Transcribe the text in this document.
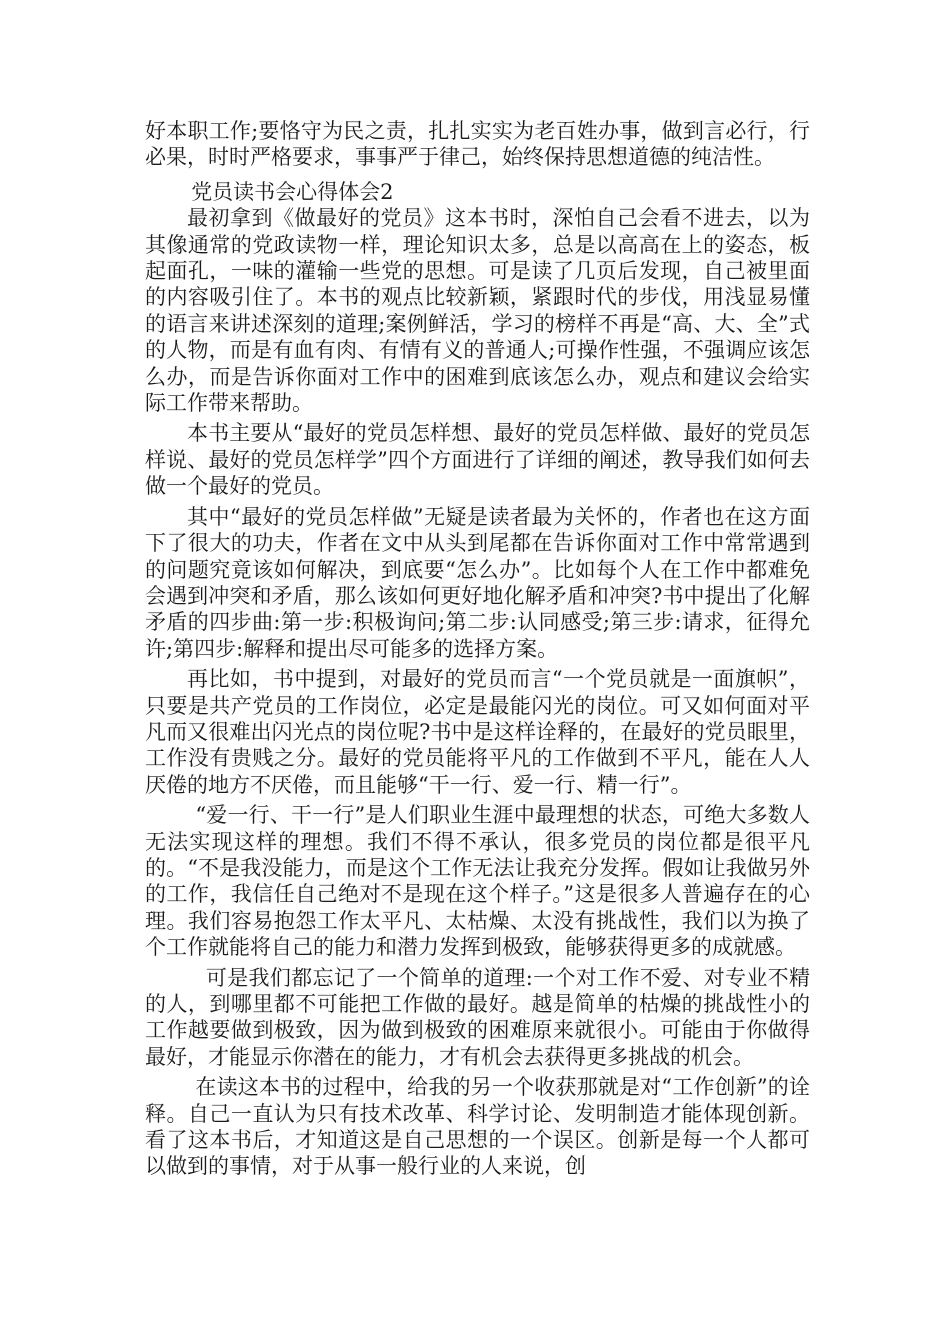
好本职工作;要恪守为民之责，扎扎实实为老百姓办事，做到言必行，行必果，时时严格要求，事事严于律己，始终保持思想道德的纯洁性。

党员读书会心得体会2

最初拿到《做最好的党员》这本书时，深怕自己会看不进去，以为其像通常的党政读物一样，理论知识太多，总是以高高在上的姿态，板起面孔，一味的灌输一些党的思想。可是读了几页后发现，自己被里面的内容吸引住了。本书的观点比较新颖，紧跟时代的步伐，用浅显易懂的语言来讲述深刻的道理;案例鲜活，学习的榜样不再是“高、大、全”式的人物，而是有血有肉、有情有义的普通人;可操作性强，不强调应该怎么办，而是告诉你面对工作中的困难到底该怎么办，观点和建议会给实际工作带来帮助。

本书主要从“最好的党员怎样想、最好的党员怎样做、最好的党员怎样说、最好的党员怎样学”四个方面进行了详细的阐述，教导我们如何去做一个最好的党员。

其中“最好的党员怎样做”无疑是读者最为关怀的，作者也在这方面下了很大的功夫，作者在文中从头到尾都在告诉你面对工作中常常遇到的问题究竟该如何解决，到底要“怎么办”。比如每个人在工作中都难免会遇到冲突和矛盾，那么该如何更好地化解矛盾和冲突?书中提出了化解矛盾的四步曲:第一步:积极询问;第二步:认同感受;第三步:请求，征得允许;第四步:解释和提出尽可能多的选择方案。

再比如，书中提到，对最好的党员而言“一个党员就是一面旗帜”，只要是共产党员的工作岗位，必定是最能闪光的岗位。可又如何面对平凡而又很难出闪光点的岗位呢?书中是这样诠释的，在最好的党员眼里，工作没有贵贱之分。最好的党员能将平凡的工作做到不平凡，能在人人厌倦的地方不厌倦，而且能够“干一行、爱一行、精一行”。

“爱一行、干一行”是人们职业生涯中最理想的状态，可绝大多数人无法实现这样的理想。我们不得不承认，很多党员的岗位都是很平凡的。“不是我没能力，而是这个工作无法让我充分发挥。假如让我做另外的工作，我信任自己绝对不是现在这个样子。”这是很多人普遍存在的心理。我们容易抱怨工作太平凡、太枯燥、太没有挑战性，我们以为换了个工作就能将自己的能力和潜力发挥到极致，能够获得更多的成就感。

可是我们都忘记了一个简单的道理:一个对工作不爱、对专业不精的人，到哪里都不可能把工作做的最好。越是简单的枯燥的挑战性小的工作越要做到极致，因为做到极致的困难原来就很小。可能由于你做得最好，才能显示你潜在的能力，才有机会去获得更多挑战的机会。

在读这本书的过程中，给我的另一个收获那就是对“工作创新”的诠释。自己一直认为只有技术改革、科学讨论、发明制造才能体现创新。看了这本书后，才知道这是自己思想的一个误区。创新是每一个人都可以做到的事情，对于从事一般行业的人来说，创
